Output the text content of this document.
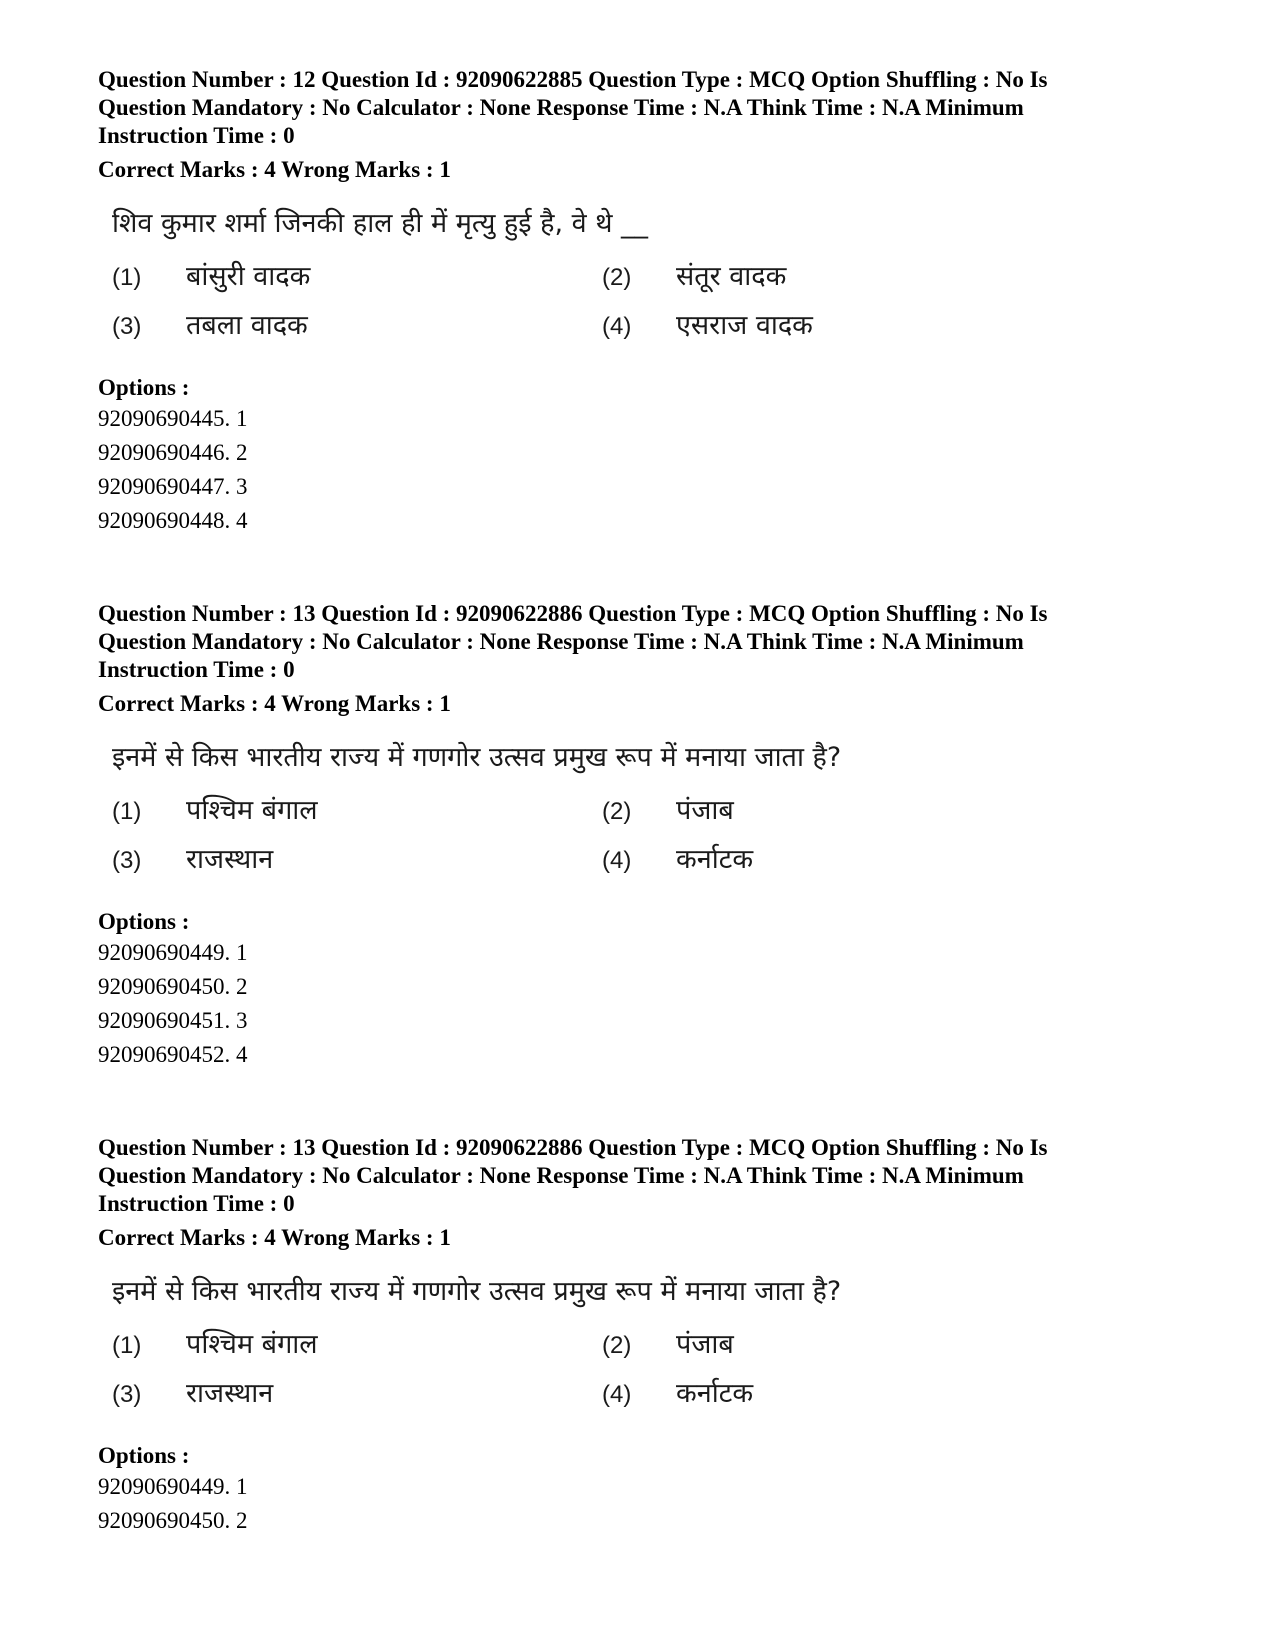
Question Number : 12 Question Id : 92090622885 Question Type : MCQ Option Shuffling : No Is

Question Mandatory : No Calculator : None Response Time : N.A Think Time : N.A Minimum

Instruction Time : 0

Correct Marks : 4 Wrong Marks : 1
शिव कुमार शर्मा जिनकी हाल ही में मृत्यु हुई है, वे थे __
(1)	बांसुरी वादक	(2)	संतूर वादक
(3)	तबला वादक	(4)	एसराज वादक
Options :
92090690445. 1
92090690446. 2
92090690447. 3
92090690448. 4

Question Number : 13 Question Id : 92090622886 Question Type : MCQ Option Shuffling : No Is

Question Mandatory : No Calculator : None Response Time : N.A Think Time : N.A Minimum

Instruction Time : 0

Correct Marks : 4 Wrong Marks : 1
इनमें से किस भारतीय राज्य में गणगोर उत्सव प्रमुख रूप में मनाया जाता है?
(1)	पश्चिम बंगाल	(2)	पंजाब
(3)	राजस्थान	(4)	कर्नाटक
Options :
92090690449. 1
92090690450. 2
92090690451. 3
92090690452. 4

Question Number : 13 Question Id : 92090622886 Question Type : MCQ Option Shuffling : No Is

Question Mandatory : No Calculator : None Response Time : N.A Think Time : N.A Minimum

Instruction Time : 0

Correct Marks : 4 Wrong Marks : 1
इनमें से किस भारतीय राज्य में गणगोर उत्सव प्रमुख रूप में मनाया जाता है?
(1)	पश्चिम बंगाल	(2)	पंजाब
(3)	राजस्थान	(4)	कर्नाटक
Options :
92090690449. 1
92090690450. 2
